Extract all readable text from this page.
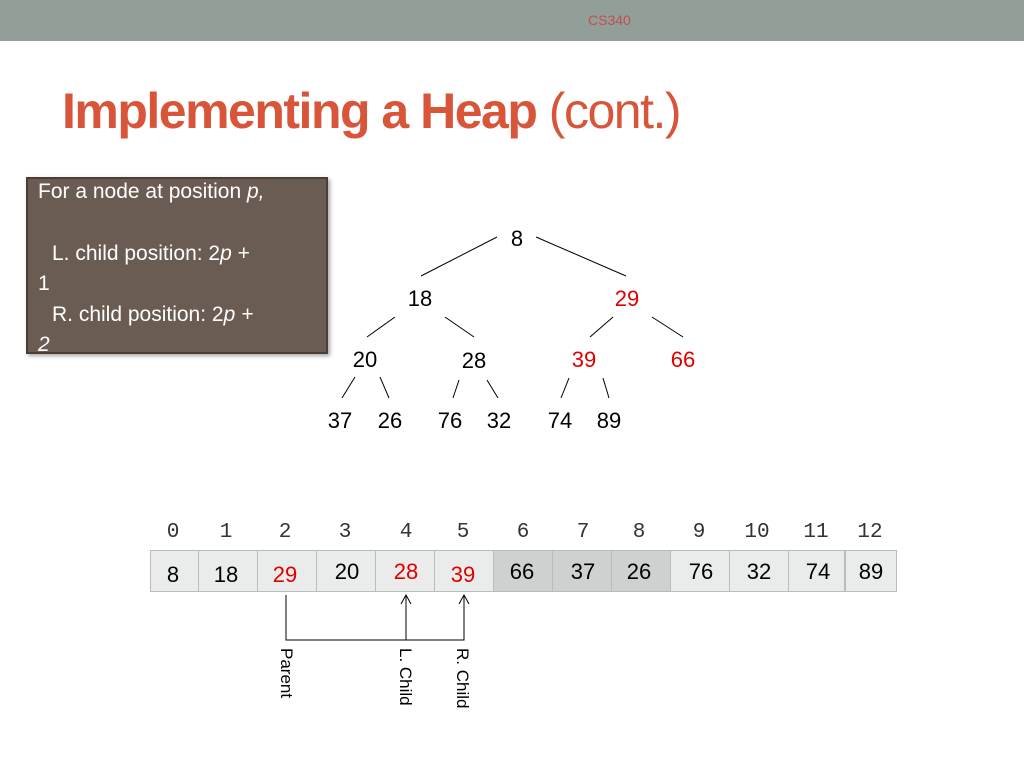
CS340
Implementing a Heap (cont.)
For a node at position p,
L. child position: 2p +
1
R. child position: 2p +
2
8
18	29
20	28	39	66
37 26 76 32 74 89
0 1 2 3 4 5 6 7 8 9 10 11 12
8 18 29 20 28 39 66 37 26 76 32 74 89
Parent	L. Child R. Child
